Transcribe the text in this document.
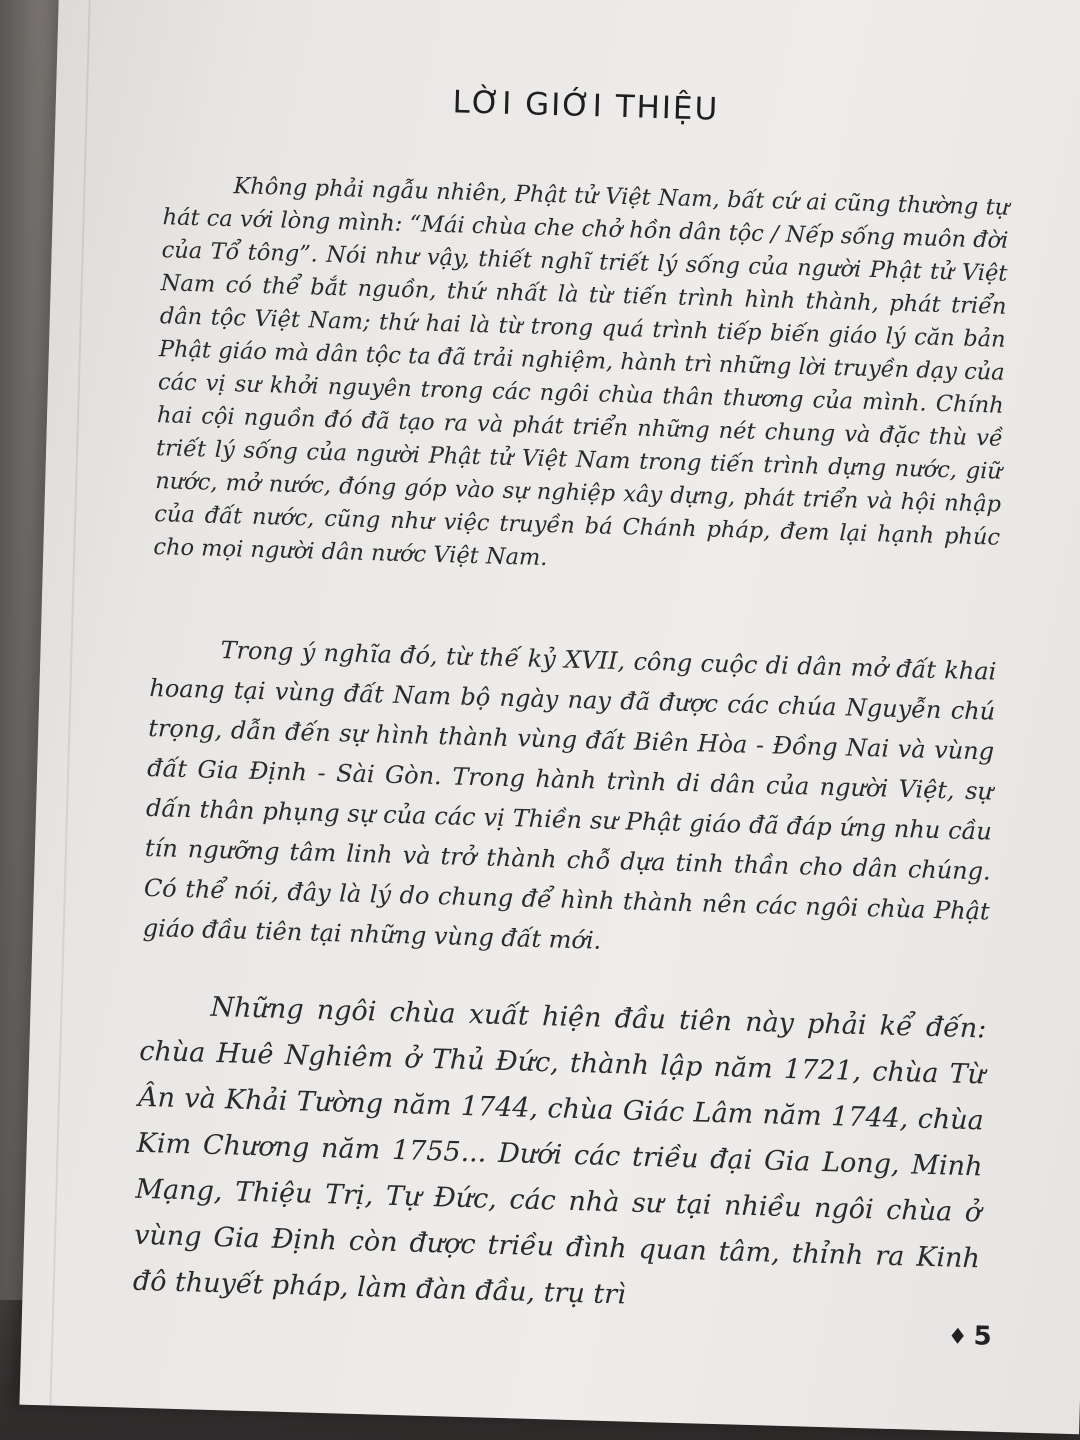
LỜI GIỚI THIỆU

Không phải ngẫu nhiên, Phật tử Việt Nam, bất cứ ai cũng thường tự hát ca với lòng mình: “Mái chùa che chở hồn dân tộc / Nếp sống muôn đời của Tổ tông”. Nói như vậy, thiết nghĩ triết lý sống của người Phật tử Việt Nam có thể bắt nguồn, thứ nhất là từ tiến trình hình thành, phát triển dân tộc Việt Nam; thứ hai là từ trong quá trình tiếp biến giáo lý căn bản Phật giáo mà dân tộc ta đã trải nghiệm, hành trì những lời truyền dạy của các vị sư khởi nguyên trong các ngôi chùa thân thương của mình. Chính hai cội nguồn đó đã tạo ra và phát triển những nét chung và đặc thù về triết lý sống của người Phật tử Việt Nam trong tiến trình dựng nước, giữ nước, mở nước, đóng góp vào sự nghiệp xây dựng, phát triển và hội nhập của đất nước, cũng như việc truyền bá Chánh pháp, đem lại hạnh phúc cho mọi người dân nước Việt Nam.

Trong ý nghĩa đó, từ thế kỷ XVII, công cuộc di dân mở đất khai hoang tại vùng đất Nam bộ ngày nay đã được các chúa Nguyễn chú trọng, dẫn đến sự hình thành vùng đất Biên Hòa - Đồng Nai và vùng đất Gia Định - Sài Gòn. Trong hành trình di dân của người Việt, sự dấn thân phụng sự của các vị Thiền sư Phật giáo đã đáp ứng nhu cầu tín ngưỡng tâm linh và trở thành chỗ dựa tinh thần cho dân chúng. Có thể nói, đây là lý do chung để hình thành nên các ngôi chùa Phật giáo đầu tiên tại những vùng đất mới.

Những ngôi chùa xuất hiện đầu tiên này phải kể đến: chùa Huê Nghiêm ở Thủ Đức, thành lập năm 1721, chùa Từ Ân và Khải Tường năm 1744, chùa Giác Lâm năm 1744, chùa Kim Chương năm 1755... Dưới các triều đại Gia Long, Minh Mạng, Thiệu Trị, Tự Đức, các nhà sư tại nhiều ngôi chùa ở vùng Gia Định còn được triều đình quan tâm, thỉnh ra Kinh đô thuyết pháp, làm đàn đầu, trụ trì

♦ 5
